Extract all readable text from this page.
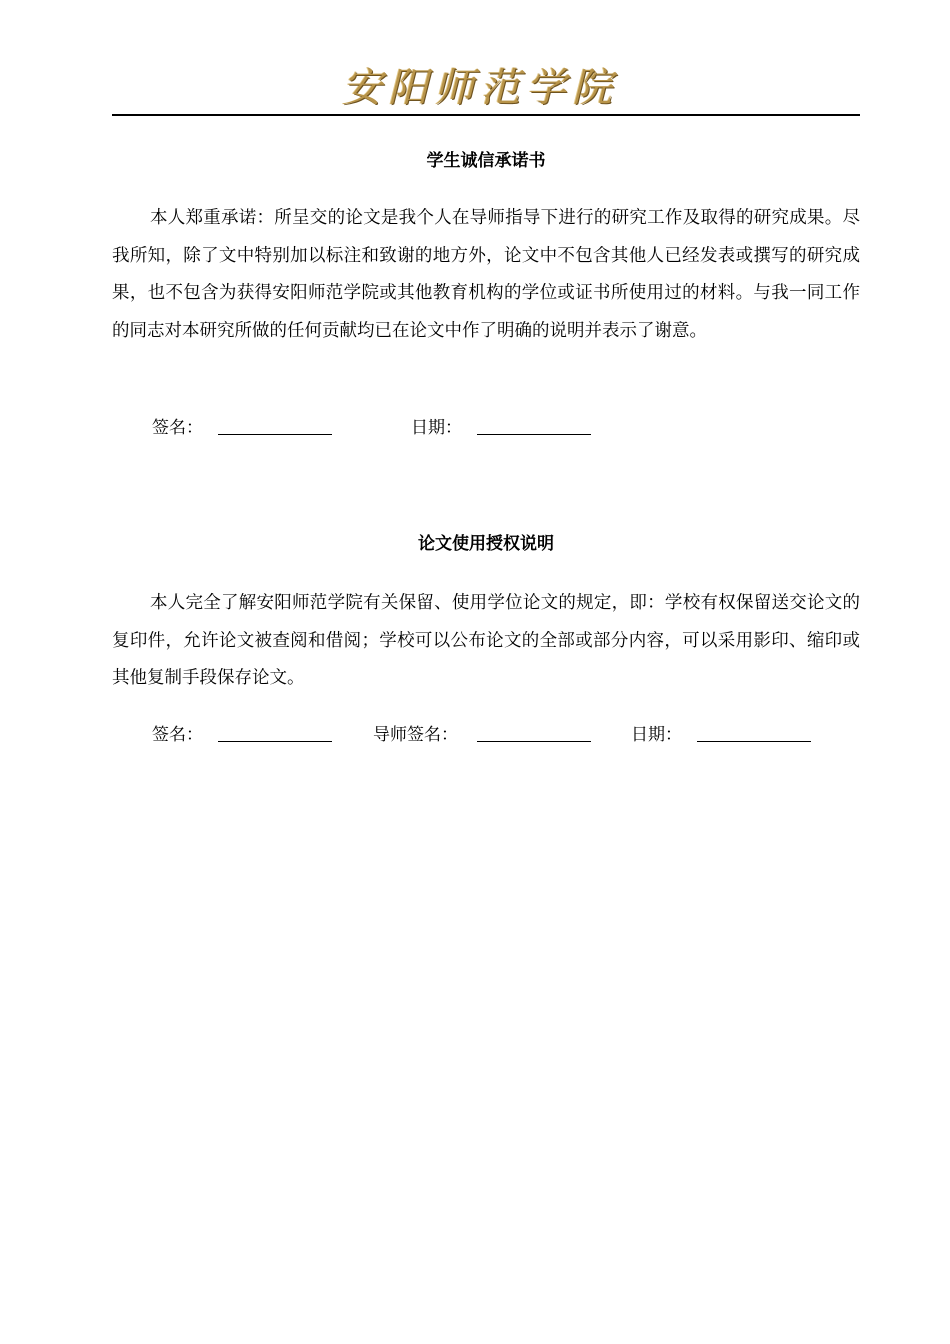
安阳师范学院
学生诚信承诺书

本人郑重承诺：所呈交的论文是我个人在导师指导下进行的研究工作及取得的研究成果。尽我所知，除了文中特别加以标注和致谢的地方外，论文中不包含其他人已经发表或撰写的研究成果，也不包含为获得安阳师范学院或其他教育机构的学位或证书所使用过的材料。与我一同工作的同志对本研究所做的任何贡献均已在论文中作了明确的说明并表示了谢意。

签名：	日期：
论文使用授权说明

本人完全了解安阳师范学院有关保留、使用学位论文的规定，即：学校有权保留送交论文的复印件，允许论文被查阅和借阅；学校可以公布论文的全部或部分内容，可以采用影印、缩印或其他复制手段保存论文。

签名：	导师签名：	日期：
